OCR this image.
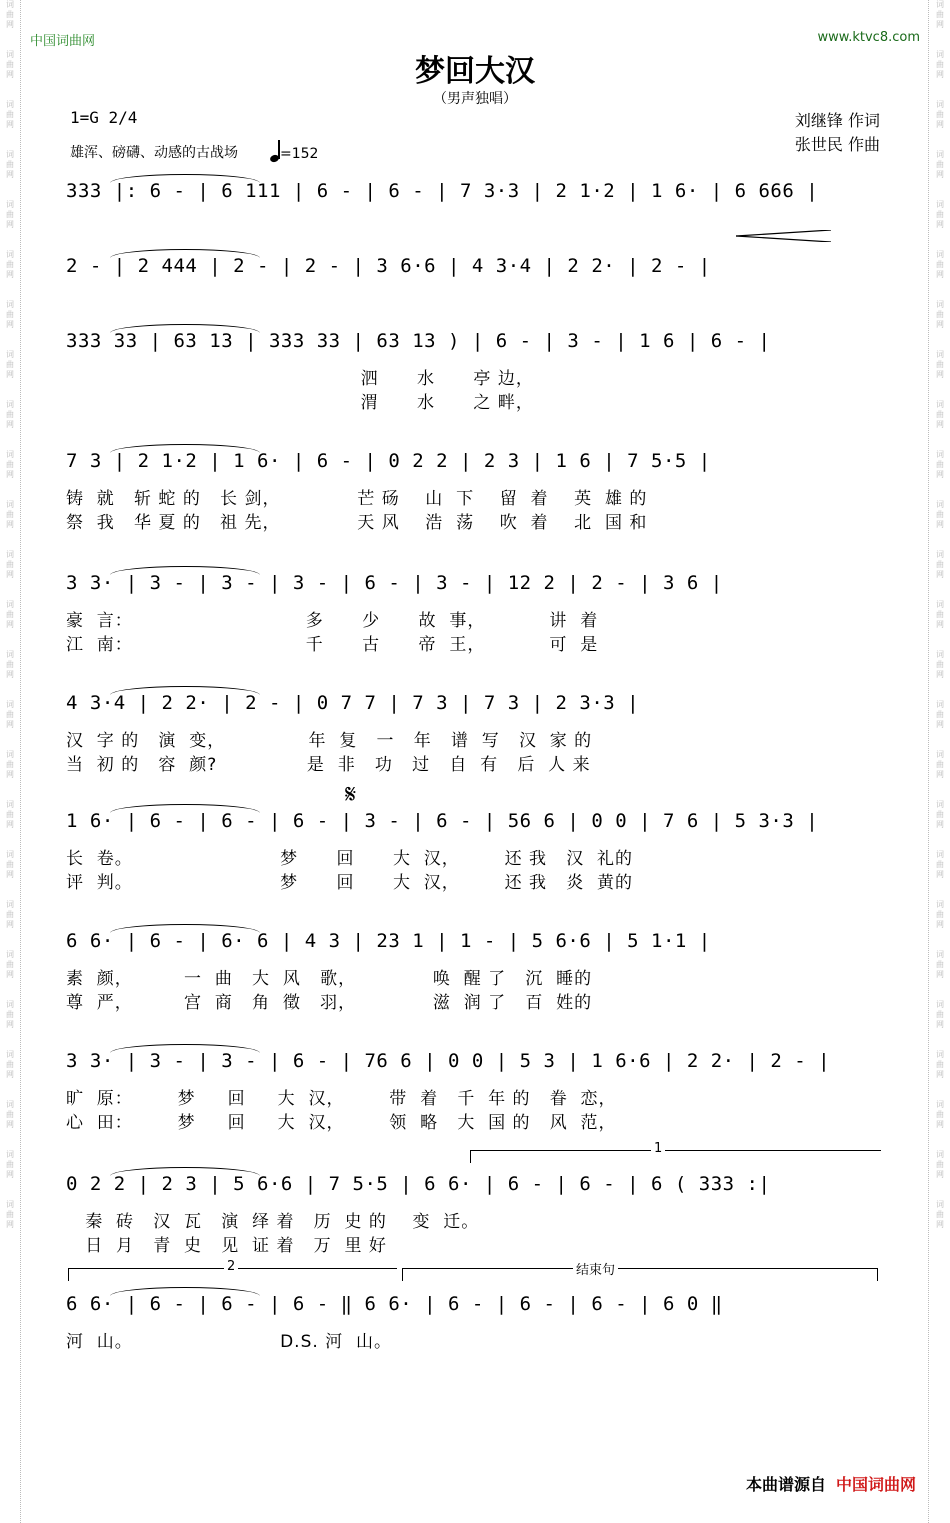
词
曲
网

词
曲
网

词
曲
网

词
曲
网

词
曲
网

词
曲
网

词
曲
网

词
曲
网

词
曲
网

词
曲
网

词
曲
网

词
曲
网

词
曲
网

词
曲
网

词
曲
网

词
曲
网

词
曲
网

词
曲
网

词
曲
网

词
曲
网

词
曲
网

词
曲
网

词
曲
网

词
曲
网

词
曲
网

词
曲
网

词
曲
网

词
曲
网

词
曲
网

词
曲
网

词
曲
网

词
曲
网

词
曲
网

词
曲
网

词
曲
网

词
曲
网

词
曲
网

词
曲
网

词
曲
网

词
曲
网

词
曲
网

词
曲
网

词
曲
网

词
曲
网

词
曲
网

词
曲
网

词
曲
网

词
曲
网

词
曲
网

词
曲
网

中国词曲网	www.ktvc8.com
梦回大汉
（男声独唱）
1=G 2/4	刘继锋 作词
张世民 作曲
雄浑、磅礴、动感的古战场	=152
333 |: 6 - | 6 111 | 6 - | 6 - | 7 3·3 | 2 1·2 | 1 6· | 6 666 |
2 - | 2 444 | 2 - | 2 - | 3 6·6 | 4 3·4 | 2 2· | 2 - |
333 33 | 63 13 | 333 33 | 63 13 ) | 6 - | 3 - | 1 6 | 6 - |
泗      水      亭 边，
渭      水      之 畔，
7 3 | 2 1·2 | 1 6· | 6 - | 0 2 2 | 2 3 | 1 6 | 7 5·5 |
铸  就   斩 蛇 的   长 剑，            芒 砀    山  下    留  着    英  雄 的
祭  我   华 夏 的   祖 先，            天 风    浩  荡    吹  着    北  国 和
3 3· | 3 - | 3 - | 3 - | 6 - | 3 - | 12 2 | 2 - | 3 6 |
豪  言：                           多      少      故  事，          讲  着
江  南：                           千      古      帝  王，          可  是
4 3·4 | 2 2· | 2 - | 0 7 7 | 7 3 | 7 3 | 2 3·3 |
汉  字 的   演  变，             年  复   一   年   谱  写   汉  家 的
当  初 的   容  颜?              是  非   功   过   自  有   后  人 来
1 6· | 6 - | 6 - | 6 - | 3 - | 6 - | 56 6 | 0 0 | 7 6 | 5 3·3 |
长  卷。                       梦      回      大  汉，       还 我   汉  礼的
评  判。                       梦      回      大  汉，       还 我   炎  黄的
6 6· | 6 - | 6· 6 | 4 3 | 23 1 | 1 - | 5 6·6 | 5 1·1 |
素  颜，        一  曲   大  风   歌，            唤  醒 了   沉  睡的
尊  严，        宫  商   角  徵   羽，            滋  润 了   百  姓的
3 3· | 3 - | 3 - | 6 - | 76 6 | 0 0 | 5 3 | 1 6·6 | 2 2· | 2 - |
旷  原：       梦     回     大  汉，       带  着   千  年 的   眷  恋，
心  田：       梦     回     大  汉，       领  略   大  国 的   风  范，
0 2 2 | 2 3 | 5 6·6 | 7 5·5 | 6 6· | 6 - | 6 - | 6 ( 333 :|
秦  砖   汉  瓦   演  绎 着   历  史 的    变  迁。
日  月   青  史   见  证 着   万  里 好
6 6· | 6 - | 6 - | 6 - ‖ 6 6· | 6 - | 6 - | 6 - | 6 0 ‖
河  山。                       D.S. 河  山。
1
2	结束句
𝄋
本曲谱源自 中国词曲网
